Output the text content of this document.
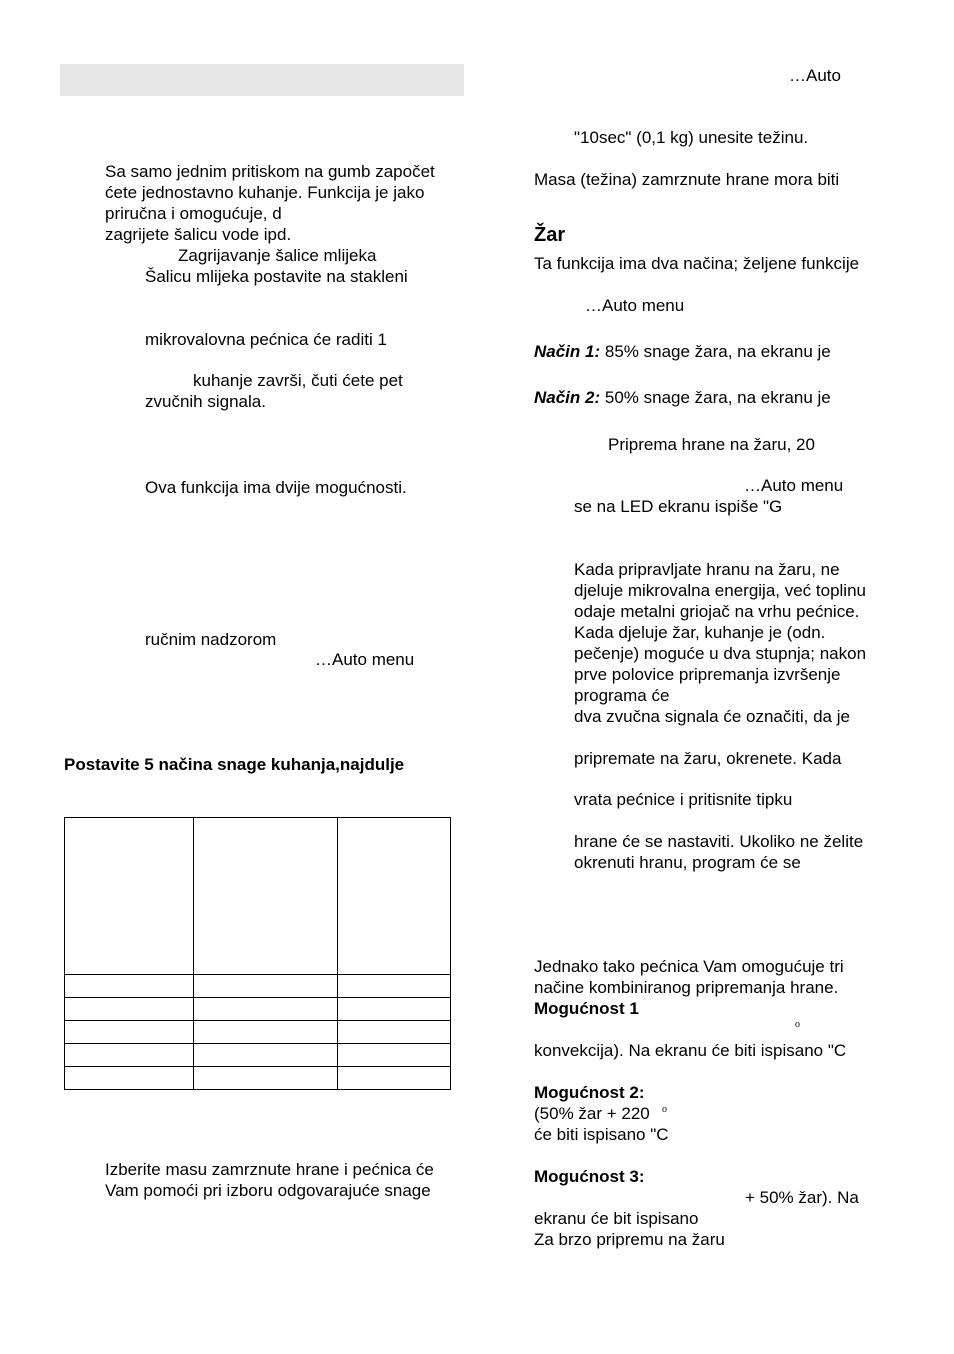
Sa samo jednim pritiskom na gumb započet
ćete jednostavno kuhanje. Funkcija je jako
priručna i omogućuje, d
zagrijete šalicu vode ipd.
Zagrijavanje šalice mlijeka
Šalicu mlijeka postavite na stakleni
mikrovalovna pećnica će raditi 1
kuhanje završi, čuti ćete pet
zvučnih signala.
Ova funkcija ima dvije mogućnosti.
ručnim nadzorom
…Auto menu
Postavite 5 načina snage kuhanja,najdulje

Izberite masu zamrznute hrane i pećnica će
Vam pomoći pri izboru odgovarajuće snage
…Auto
"10sec" (0,1 kg) unesite težinu.
Masa (težina) zamrznute hrane mora biti
Žar
Ta funkcija ima dva načina; željene funkcije
…Auto menu
Način 1: 85% snage žara, na ekranu je
Način 2: 50% snage žara, na ekranu je
Priprema hrane na žaru, 20
…Auto menu
se na LED ekranu ispiše "G
Kada pripravljate hranu na žaru, ne
djeluje mikrovalna energija, već toplinu
odaje metalni griojač na vrhu pećnice.
Kada djeluje žar, kuhanje je (odn.
pečenje) moguće u dva stupnja; nakon
prve polovice pripremanja izvršenje
programa će
dva zvučna signala će označiti, da je
pripremate na žaru, okrenete. Kada
vrata pećnice i pritisnite tipku
hrane će se nastaviti. Ukoliko ne želite
okrenuti hranu, program će se
Jednako tako pećnica Vam omogućuje tri
načine kombiniranog pripremanja hrane.
Mogućnost 1
o
konvekcija). Na ekranu će biti ispisano "C
Mogućnost 2:
(50% žar + 220 o
će biti ispisano "C
Mogućnost 3:
+ 50% žar). Na
ekranu će bit ispisano
Za brzo pripremu na žaru
